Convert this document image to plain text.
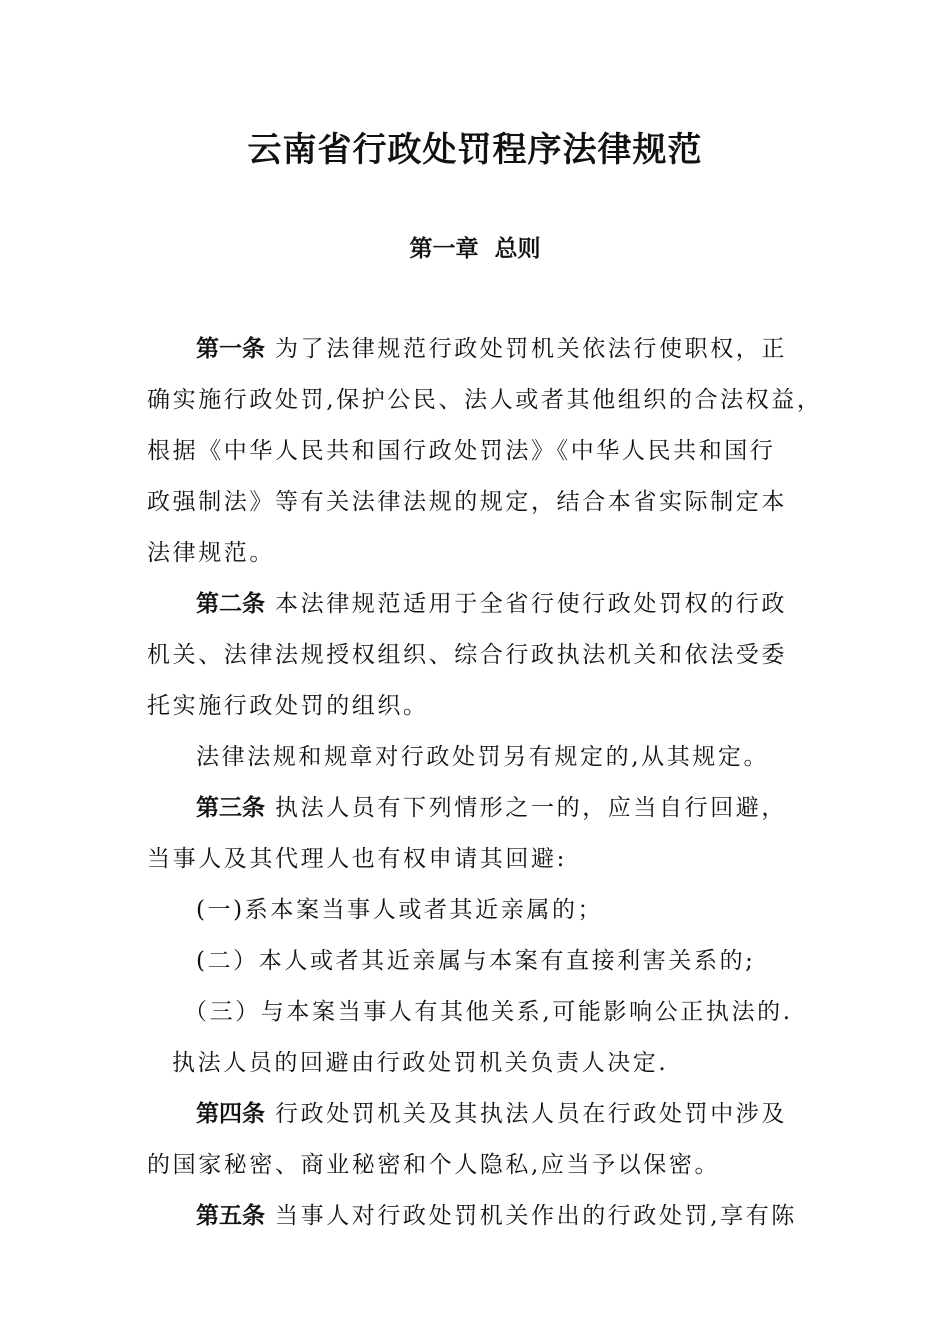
云南省行政处罚程序法律规范
第一章  总则
第一条 为了法律规范行政处罚机关依法行使职权，正
确实施行政处罚,保护公民、法人或者其他组织的合法权益，
根据《中华人民共和国行政处罚法》《中华人民共和国行
政强制法》等有关法律法规的规定，结合本省实际制定本
法律规范。
第二条 本法律规范适用于全省行使行政处罚权的行政
机关、法律法规授权组织、综合行政执法机关和依法受委
托实施行政处罚的组织。
法律法规和规章对行政处罚另有规定的,从其规定。
第三条 执法人员有下列情形之一的，应当自行回避，
当事人及其代理人也有权申请其回避:
(一)系本案当事人或者其近亲属的；
(二）本人或者其近亲属与本案有直接利害关系的;
（三）与本案当事人有其他关系,可能影响公正执法的.
执法人员的回避由行政处罚机关负责人决定.
第四条 行政处罚机关及其执法人员在行政处罚中涉及
的国家秘密、商业秘密和个人隐私,应当予以保密。
第五条 当事人对行政处罚机关作出的行政处罚,享有陈
